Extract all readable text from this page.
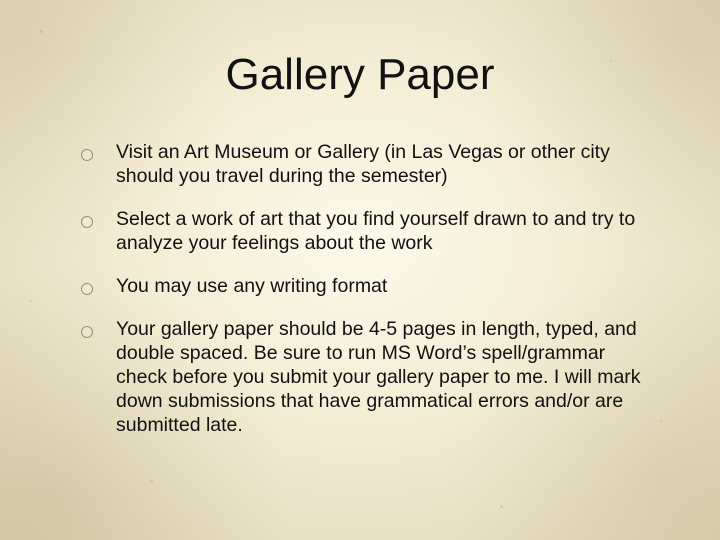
Gallery Paper
Visit an Art Museum or Gallery (in Las Vegas or other city should you travel during the semester)
Select a work of art that you find yourself drawn to and try to analyze your feelings about the work
You may use any writing format
Your gallery paper should be 4-5 pages in length, typed, and double spaced. Be sure to run MS Word’s spell/grammar check before you submit your gallery paper to me. I will mark down submissions that have grammatical errors and/or are submitted late.
